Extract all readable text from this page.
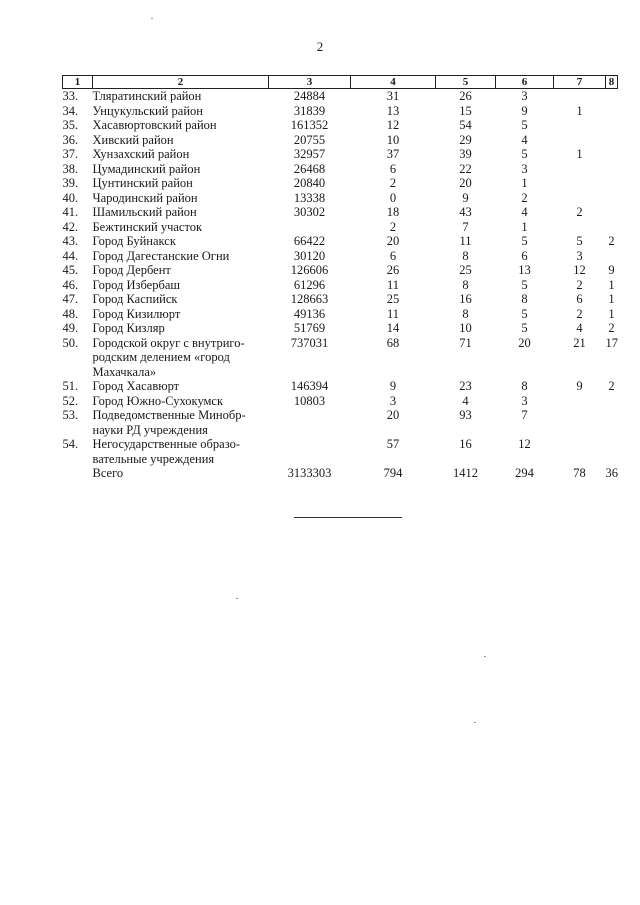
2
1	2	3	4	5	6	7	8
33.	Тляратинский район	24884	31	26	3		
34.	Унцукульский район	31839	13	15	9	1	
35.	Хасавюртовский район	161352	12	54	5		
36.	Хивский район	20755	10	29	4		
37.	Хунзахский район	32957	37	39	5	1	
38.	Цумадинский район	26468	6	22	3		
39.	Цунтинский район	20840	2	20	1		
40.	Чародинский район	13338	0	9	2		
41.	Шамильский район	30302	18	43	4	2	
42.	Бежтинский участок		2	7	1		
43.	Город Буйнакск	66422	20	11	5	5	2
44.	Город Дагестанские Огни	30120	6	8	6	3	
45.	Город Дербент	126606	26	25	13	12	9
46.	Город Избербаш	61296	11	8	5	2	1
47.	Город Каспийск	128663	25	16	8	6	1
48.	Город Кизилюрт	49136	11	8	5	2	1
49.	Город Кизляр	51769	14	10	5	4	2
50.	Городской округ с внутриго-
родским делением «город
Махачкала»	737031	68	71	20	21	17
51.	Город Хасавюрт	146394	9	23	8	9	2
52.	Город Южно-Сухокумск	10803	3	4	3		
53.	Подведомственные Минобр-
науки РД учреждения		20	93	7		
54.	Негосударственные образо-
вательные учреждения		57	16	12		
	Всего	3133303	794	1412	294	78	36
